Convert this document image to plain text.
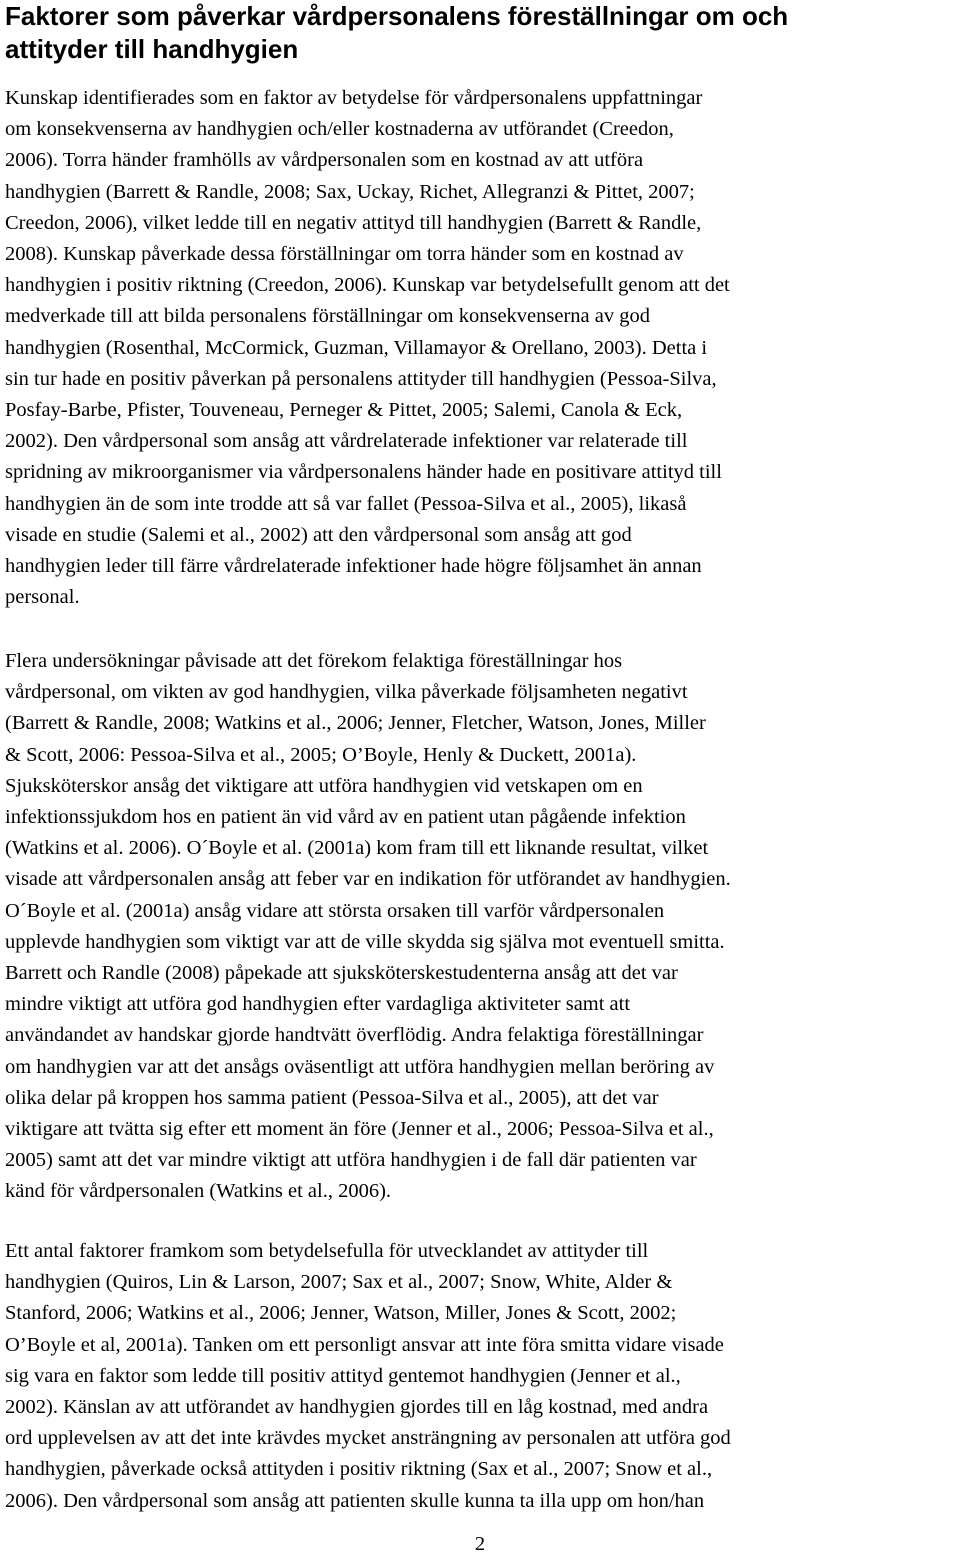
Faktorer som påverkar vårdpersonalens föreställningar om och
attityder till handhygien
Kunskap identifierades som en faktor av betydelse för vårdpersonalens uppfattningar
om konsekvenserna av handhygien och/eller kostnaderna av utförandet (Creedon,
2006). Torra händer framhölls av vårdpersonalen som en kostnad av att utföra
handhygien (Barrett & Randle, 2008; Sax, Uckay, Richet, Allegranzi & Pittet, 2007;
Creedon, 2006), vilket ledde till en negativ attityd till handhygien (Barrett & Randle,
2008). Kunskap påverkade dessa förställningar om torra händer som en kostnad av
handhygien i positiv riktning (Creedon, 2006). Kunskap var betydelsefullt genom att det
medverkade till att bilda personalens förställningar om konsekvenserna av god
handhygien (Rosenthal, McCormick, Guzman, Villamayor & Orellano, 2003). Detta i
sin tur hade en positiv påverkan på personalens attityder till handhygien (Pessoa-Silva,
Posfay-Barbe, Pfister, Touveneau, Perneger & Pittet, 2005; Salemi, Canola & Eck,
2002). Den vårdpersonal som ansåg att vårdrelaterade infektioner var relaterade till
spridning av mikroorganismer via vårdpersonalens händer hade en positivare attityd till
handhygien än de som inte trodde att så var fallet (Pessoa-Silva et al., 2005), likaså
visade en studie (Salemi et al., 2002) att den vårdpersonal som ansåg att god
handhygien leder till färre vårdrelaterade infektioner hade högre följsamhet än annan
personal.
Flera undersökningar påvisade att det förekom felaktiga föreställningar hos
vårdpersonal, om vikten av god handhygien, vilka påverkade följsamheten negativt
(Barrett & Randle, 2008; Watkins et al., 2006; Jenner, Fletcher, Watson, Jones, Miller
& Scott, 2006: Pessoa-Silva et al., 2005; O’Boyle, Henly & Duckett, 2001a).
Sjuksköterskor ansåg det viktigare att utföra handhygien vid vetskapen om en
infektionssjukdom hos en patient än vid vård av en patient utan pågående infektion
(Watkins et al. 2006). O´Boyle et al. (2001a) kom fram till ett liknande resultat, vilket
visade att vårdpersonalen ansåg att feber var en indikation för utförandet av handhygien.
O´Boyle et al. (2001a) ansåg vidare att största orsaken till varför vårdpersonalen
upplevde handhygien som viktigt var att de ville skydda sig själva mot eventuell smitta.
Barrett och Randle (2008) påpekade att sjuksköterskestudenterna ansåg att det var
mindre viktigt att utföra god handhygien efter vardagliga aktiviteter samt att
användandet av handskar gjorde handtvätt överflödig. Andra felaktiga föreställningar
om handhygien var att det ansågs oväsentligt att utföra handhygien mellan beröring av
olika delar på kroppen hos samma patient (Pessoa-Silva et al., 2005), att det var
viktigare att tvätta sig efter ett moment än före (Jenner et al., 2006; Pessoa-Silva et al.,
2005) samt att det var mindre viktigt att utföra handhygien i de fall där patienten var
känd för vårdpersonalen (Watkins et al., 2006).
Ett antal faktorer framkom som betydelsefulla för utvecklandet av attityder till
handhygien (Quiros, Lin & Larson, 2007; Sax et al., 2007; Snow, White, Alder &
Stanford, 2006; Watkins et al., 2006; Jenner, Watson, Miller, Jones & Scott, 2002;
O’Boyle et al, 2001a). Tanken om ett personligt ansvar att inte föra smitta vidare visade
sig vara en faktor som ledde till positiv attityd gentemot handhygien (Jenner et al.,
2002). Känslan av att utförandet av handhygien gjordes till en låg kostnad, med andra
ord upplevelsen av att det inte krävdes mycket ansträngning av personalen att utföra god
handhygien, påverkade också attityden i positiv riktning (Sax et al., 2007; Snow et al.,
2006). Den vårdpersonal som ansåg att patienten skulle kunna ta illa upp om hon/han
2
